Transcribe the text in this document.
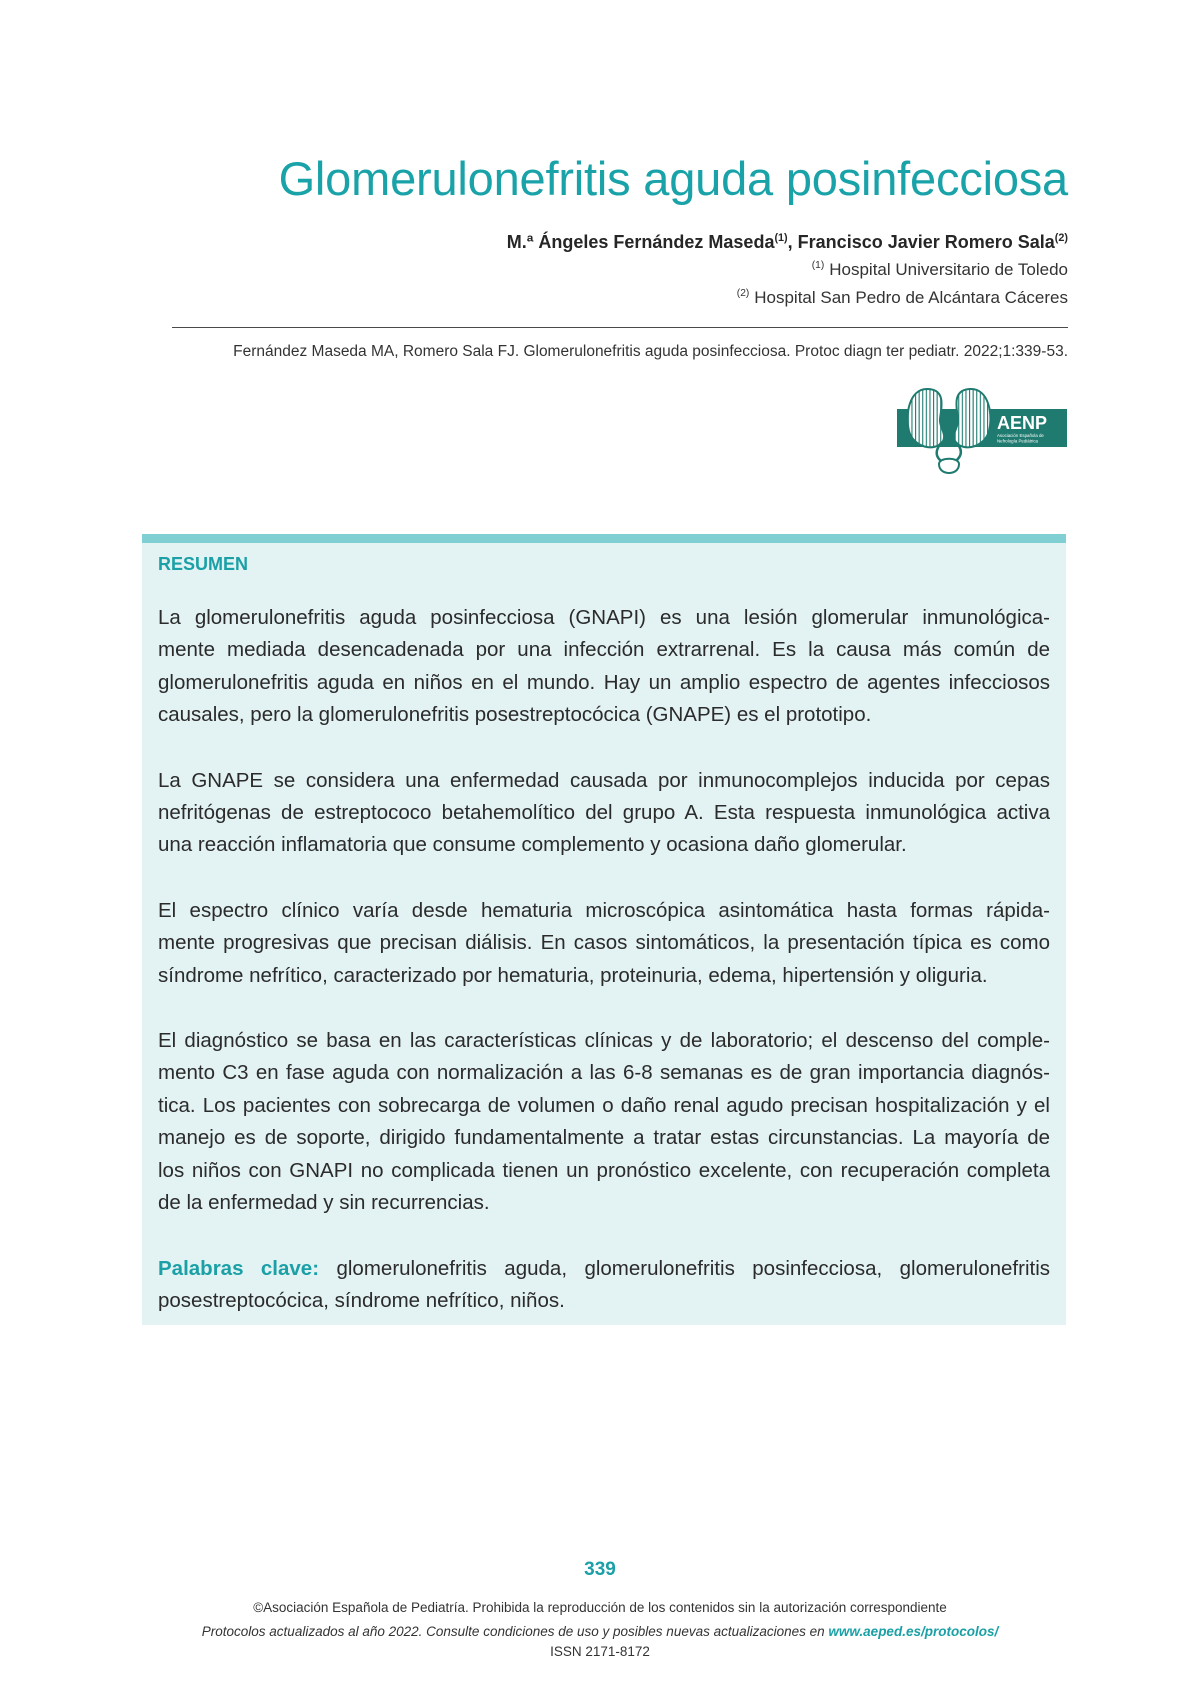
Glomerulonefritis aguda posinfecciosa
M.ª Ángeles Fernández Maseda$^{(1)}$, Francisco Javier Romero Sala$^{(2)}$
$^{(1)}$ Hospital Universitario de Toledo
$^{(2)}$ Hospital San Pedro de Alcántara Cáceres
Fernández Maseda MA, Romero Sala FJ. Glomerulonefritis aguda posinfecciosa. Protoc diagn ter pediatr. 2022;1:339-53.
AENP
Asociación Española de
Nefrología Pediátrica
RESUMEN
La glomerulonefritis aguda posinfecciosa (GNAPI) es una lesión glomerular inmunológica-
mente mediada desencadenada por una infección extrarrenal. Es la causa más común de
glomerulonefritis aguda en niños en el mundo. Hay un amplio espectro de agentes infecciosos
causales, pero la glomerulonefritis posestreptocócica (GNAPE) es el prototipo.
La GNAPE se considera una enfermedad causada por inmunocomplejos inducida por cepas
nefritógenas de estreptococo betahemolítico del grupo A. Esta respuesta inmunológica activa
una reacción inflamatoria que consume complemento y ocasiona daño glomerular.
El espectro clínico varía desde hematuria microscópica asintomática hasta formas rápida-
mente progresivas que precisan diálisis. En casos sintomáticos, la presentación típica es como
síndrome nefrítico, caracterizado por hematuria, proteinuria, edema, hipertensión y oliguria.
El diagnóstico se basa en las características clínicas y de laboratorio; el descenso del comple-
mento C3 en fase aguda con normalización a las 6-8 semanas es de gran importancia diagnós-
tica. Los pacientes con sobrecarga de volumen o daño renal agudo precisan hospitalización y el
manejo es de soporte, dirigido fundamentalmente a tratar estas circunstancias. La mayoría de
los niños con GNAPI no complicada tienen un pronóstico excelente, con recuperación completa
de la enfermedad y sin recurrencias.
Palabras clave: glomerulonefritis aguda, glomerulonefritis posinfecciosa, glomerulonefritis
posestreptocócica, síndrome nefrítico, niños.
339
©Asociación Española de Pediatría. Prohibida la reproducción de los contenidos sin la autorización correspondiente
Protocolos actualizados al año 2022. Consulte condiciones de uso y posibles nuevas actualizaciones en www.aeped.es/protocolos/
ISSN 2171-8172
